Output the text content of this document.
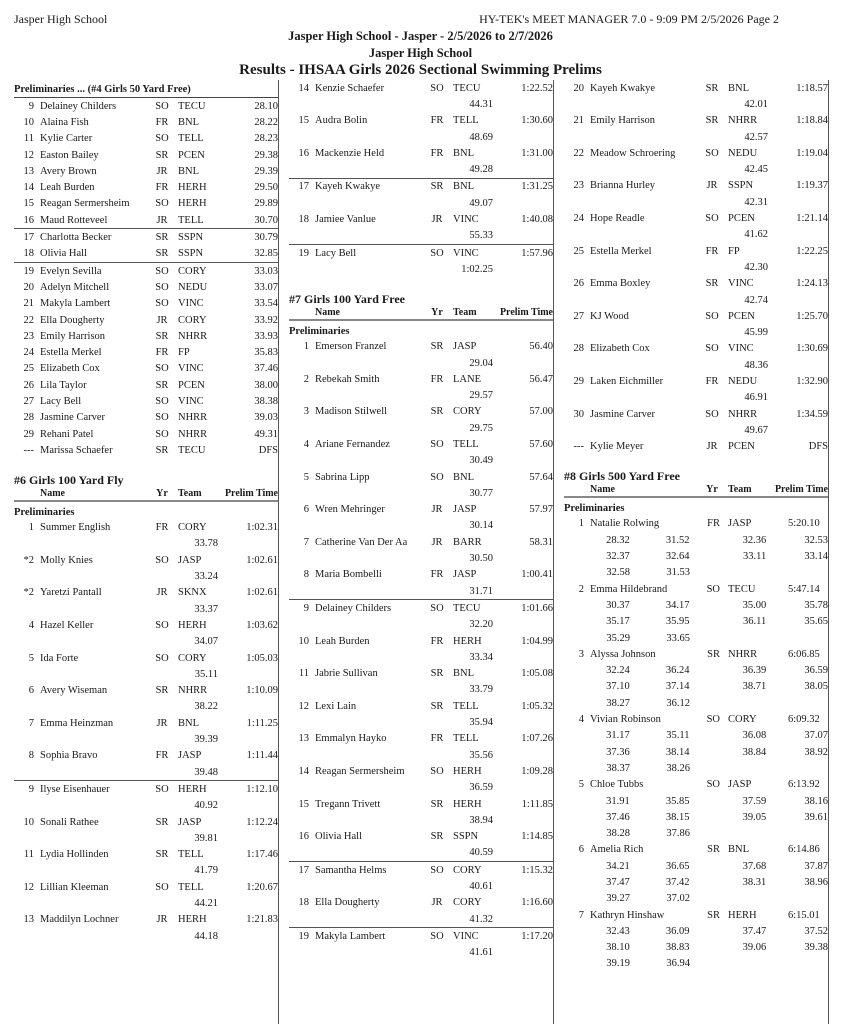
Jasper High School	HY-TEK's MEET MANAGER 7.0 - 9:09 PM 2/5/2026 Page 2
Jasper High School - Jasper - 2/5/2026 to 2/7/2026
Jasper High School
Results - IHSAA Girls 2026 Sectional Swimming Prelims
Preliminaries ... (#4 Girls 50 Yard Free)
9 Delainey Childers	SO TECU	28.10
10 Alaina Fish	FR BNL	28.22
11 Kylie Carter	SO TELL	28.23
12 Easton Bailey	SR PCEN	29.38
13 Avery Brown	JR BNL	29.39
14 Leah Burden	FR HERH	29.50
15 Reagan Sermersheim	SO HERH	29.89
16 Maud Rotteveel	JR TELL	30.70
17 Charlotta Becker	SR SSPN	30.79
18 Olivia Hall	SR SSPN	32.85
19 Evelyn Sevilla	SO CORY	33.03
20 Adelyn Mitchell	SO NEDU	33.07
21 Makyla Lambert	SO VINC	33.54
22 Ella Dougherty	JR CORY	33.92
23 Emily Harrison	SR NHRR	33.93
24 Estella Merkel	FR FP	35.83
25 Elizabeth Cox	SO VINC	37.46
26 Lila Taylor	SR PCEN	38.00
27 Lacy Bell	SO VINC	38.38
28 Jasmine Carver	SO NHRR	39.03
29 Rehani Patel	SO NHRR	49.31
--- Marissa Schaefer	SR TECU	DFS
#6 Girls 100 Yard Fly
Name	Yr	Team	Prelim Time
Preliminaries
1 Summer English	FR CORY	1:02.31
33.78
*2 Molly Knies	SO JASP	1:02.61
33.24
*2 Yaretzi Pantall	JR SKNX	1:02.61
33.37
4 Hazel Keller	SO HERH	1:03.62
34.07
5 Ida Forte	SO CORY	1:05.03
35.11
6 Avery Wiseman	SR NHRR	1:10.09
38.22
7 Emma Heinzman	JR BNL	1:11.25
39.39
8 Sophia Bravo	FR JASP	1:11.44
39.48
9 Ilyse Eisenhauer	SO HERH	1:12.10
40.92
10 Sonali Rathee	SR JASP	1:12.24
39.81
11 Lydia Hollinden	SR TELL	1:17.46
41.79
12 Lillian Kleeman	SO TELL	1:20.67
44.21
13 Maddilyn Lochner	JR HERH	1:21.83
44.18
14 Kenzie Schaefer	SO TECU	1:22.52
44.31
15 Audra Bolin	FR TELL	1:30.60
48.69
16 Mackenzie Held	FR BNL	1:31.00
49.28
17 Kayeh Kwakye	SR BNL	1:31.25
49.07
18 Jamiee Vanlue	JR VINC	1:40.08
55.33
19 Lacy Bell	SO VINC	1:57.96
1:02.25
#7 Girls 100 Yard Free
Name	Yr	Team	Prelim Time
Preliminaries
1 Emerson Franzel	SR JASP	56.40
29.04
2 Rebekah Smith	FR LANE	56.47
29.57
3 Madison Stilwell	SR CORY	57.00
29.75
4 Ariane Fernandez	SO TELL	57.60
30.49
5 Sabrina Lipp	SO BNL	57.64
30.77
6 Wren Mehringer	JR JASP	57.97
30.14
7 Catherine Van Der Aa	JR BARR	58.31
30.50
8 Maria Bombelli	FR JASP	1:00.41
31.71
9 Delainey Childers	SO TECU	1:01.66
32.20
10 Leah Burden	FR HERH	1:04.99
33.34
11 Jabrie Sullivan	SR BNL	1:05.08
33.79
12 Lexi Lain	SR TELL	1:05.32
35.94
13 Emmalyn Hayko	FR TELL	1:07.26
35.56
14 Reagan Sermersheim	SO HERH	1:09.28
36.59
15 Tregann Trivett	SR HERH	1:11.85
38.94
16 Olivia Hall	SR SSPN	1:14.85
40.59
17 Samantha Helms	SO CORY	1:15.32
40.61
18 Ella Dougherty	JR CORY	1:16.60
41.32
19 Makyla Lambert	SO VINC	1:17.20
41.61
20 Kayeh Kwakye	SR BNL	1:18.57
42.01
21 Emily Harrison	SR NHRR	1:18.84
42.57
22 Meadow Schroering	SO NEDU	1:19.04
42.45
23 Brianna Hurley	JR SSPN	1:19.37
42.31
24 Hope Readle	SO PCEN	1:21.14
41.62
25 Estella Merkel	FR FP	1:22.25
42.30
26 Emma Boxley	SR VINC	1:24.13
42.74
27 KJ Wood	SO PCEN	1:25.70
45.99
28 Elizabeth Cox	SO VINC	1:30.69
48.36
29 Laken Eichmiller	FR NEDU	1:32.90
46.91
30 Jasmine Carver	SO NHRR	1:34.59
49.67
--- Kylie Meyer	JR PCEN	DFS
#8 Girls 500 Yard Free
Name	Yr	Team	Prelim Time
Preliminaries
1 Natalie Rolwing	FR JASP	5:20.10
28.32	31.52	32.36	32.53
32.37	32.64	33.11	33.14
32.58	31.53
2 Emma Hildebrand	SO TECU	5:47.14
30.37	34.17	35.00	35.78
35.17	35.95	36.11	35.65
35.29	33.65
3 Alyssa Johnson	SR NHRR	6:06.85
32.24	36.24	36.39	36.59
37.10	37.14	38.71	38.05
38.27	36.12
4 Vivian Robinson	SO CORY	6:09.32
31.17	35.11	36.08	37.07
37.36	38.14	38.84	38.92
38.37	38.26
5 Chloe Tubbs	SO JASP	6:13.92
31.91	35.85	37.59	38.16
37.46	38.15	39.05	39.61
38.28	37.86
6 Amelia Rich	SR BNL	6:14.86
34.21	36.65	37.68	37.87
37.47	37.42	38.31	38.96
39.27	37.02
7 Kathryn Hinshaw	SR HERH	6:15.01
32.43	36.09	37.47	37.52
38.10	38.83	39.06	39.38
39.19	36.94
